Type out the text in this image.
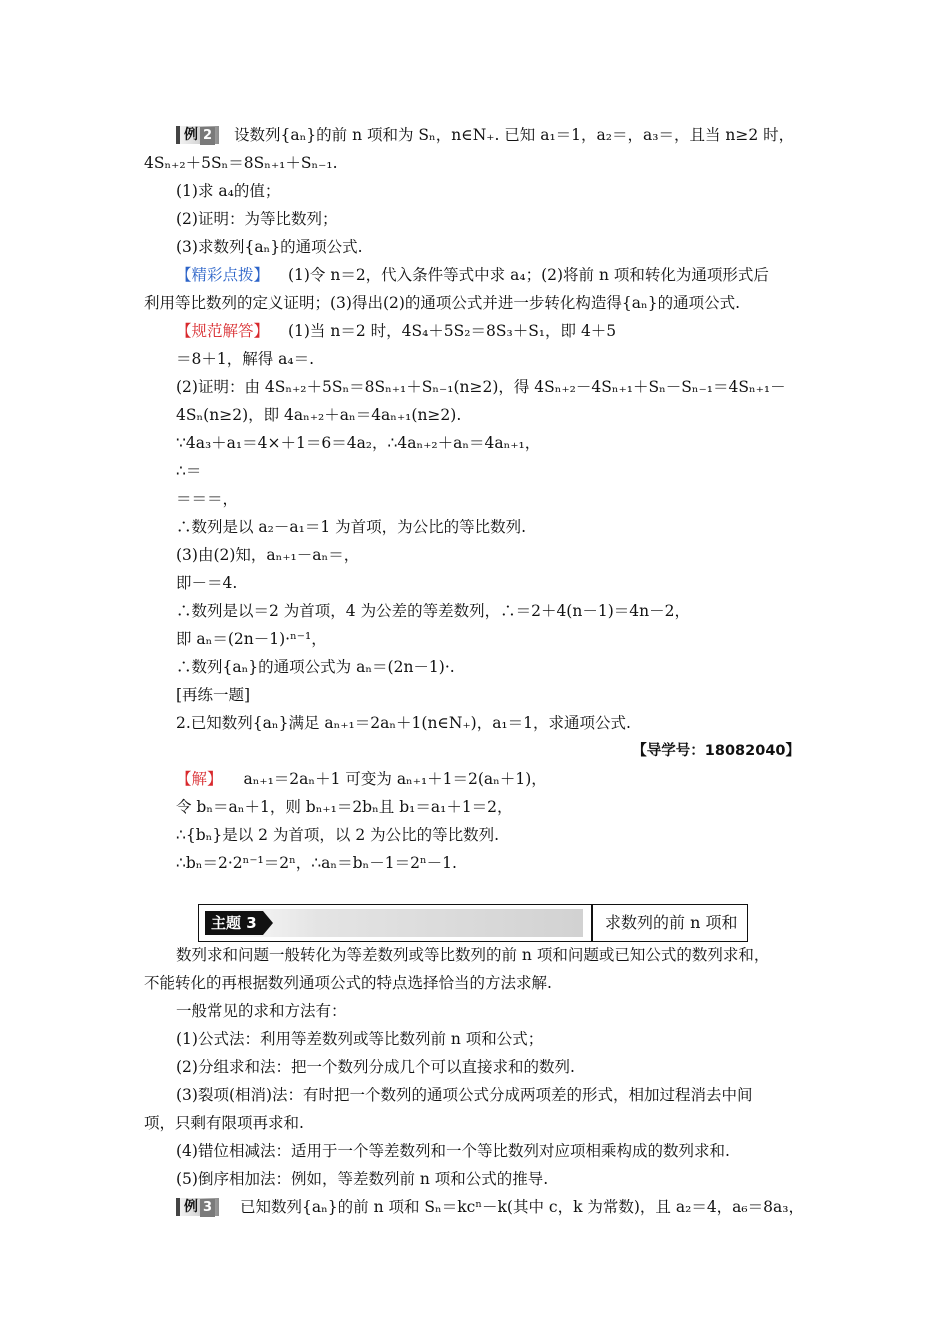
例 2 设数列{aₙ}的前 n 项和为 Sₙ，n∈N₊. 已知 a₁＝1，a₂＝，a₃＝，且当 n≥2 时，
4Sₙ₊₂＋5Sₙ＝8Sₙ₊₁＋Sₙ₋₁.
(1)求 a₄的值；
(2)证明：为等比数列；
(3)求数列{aₙ}的通项公式.
【精彩点拨】 (1)令 n＝2，代入条件等式中求 a₄；(2)将前 n 项和转化为通项形式后
利用等比数列的定义证明；(3)得出(2)的通项公式并进一步转化构造得{aₙ}的通项公式.
【规范解答】 (1)当 n＝2 时，4S₄＋5S₂＝8S₃＋S₁，即 4＋5
＝8＋1，解得 a₄＝.
(2)证明：由 4Sₙ₊₂＋5Sₙ＝8Sₙ₊₁＋Sₙ₋₁(n≥2)，得 4Sₙ₊₂－4Sₙ₊₁＋Sₙ－Sₙ₋₁＝4Sₙ₊₁－
4Sₙ(n≥2)，即 4aₙ₊₂＋aₙ＝4aₙ₊₁(n≥2).
∵4a₃＋a₁＝4×＋1＝6＝4a₂，∴4aₙ₊₂＋aₙ＝4aₙ₊₁，
∴＝
＝＝＝，
∴数列是以 a₂－a₁＝1 为首项，为公比的等比数列.
(3)由(2)知，aₙ₊₁－aₙ＝，
即－＝4.
∴数列是以＝2 为首项，4 为公差的等差数列，∴＝2＋4(n－1)＝4n－2，
即 aₙ＝(2n－1)·ⁿ⁻¹，
∴数列{aₙ}的通项公式为 aₙ＝(2n－1)·.
[再练一题]
2.已知数列{aₙ}满足 aₙ₊₁＝2aₙ＋1(n∈N₊)，a₁＝1，求通项公式.
【导学号：18082040】
【解】 aₙ₊₁＝2aₙ＋1 可变为 aₙ₊₁＋1＝2(aₙ＋1)，
令 bₙ＝aₙ＋1，则 bₙ₊₁＝2bₙ且 b₁＝a₁＋1＝2，
∴{bₙ}是以 2 为首项，以 2 为公比的等比数列.
∴bₙ＝2·2ⁿ⁻¹＝2ⁿ，∴aₙ＝bₙ－1＝2ⁿ－1.
主题 3	求数列的前 n 项和
数列求和问题一般转化为等差数列或等比数列的前 n 项和问题或已知公式的数列求和，
不能转化的再根据数列通项公式的特点选择恰当的方法求解.
一般常见的求和方法有：
(1)公式法：利用等差数列或等比数列前 n 项和公式；
(2)分组求和法：把一个数列分成几个可以直接求和的数列.
(3)裂项(相消)法：有时把一个数列的通项公式分成两项差的形式，相加过程消去中间
项，只剩有限项再求和.
(4)错位相减法：适用于一个等差数列和一个等比数列对应项相乘构成的数列求和.
(5)倒序相加法：例如，等差数列前 n 项和公式的推导.
例 3 已知数列{aₙ}的前 n 项和 Sₙ＝kcⁿ－k(其中 c，k 为常数)，且 a₂＝4，a₆＝8a₃，
